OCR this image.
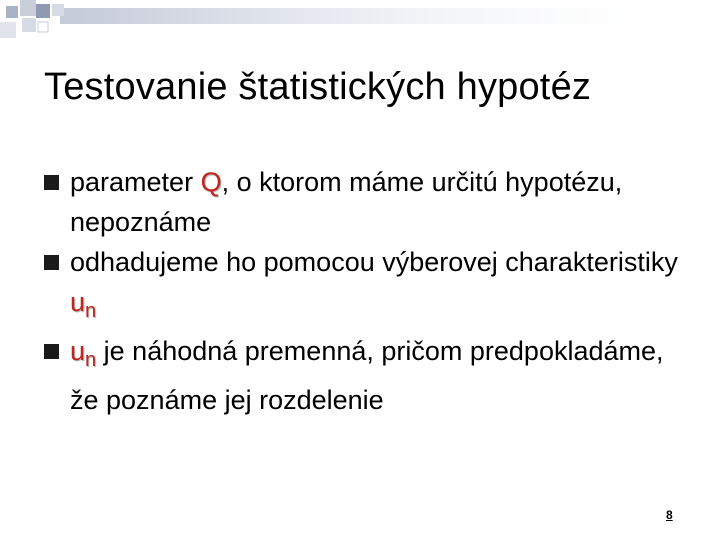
Testovanie štatistických hypotéz
parameter Q, o ktorom máme určitú hypotézu, nepoznáme
odhadujeme ho pomocou výberovej charakteristiky $u_n$
$u_n$ je náhodná premenná, pričom predpokladáme, že poznáme jej rozdelenie
8
